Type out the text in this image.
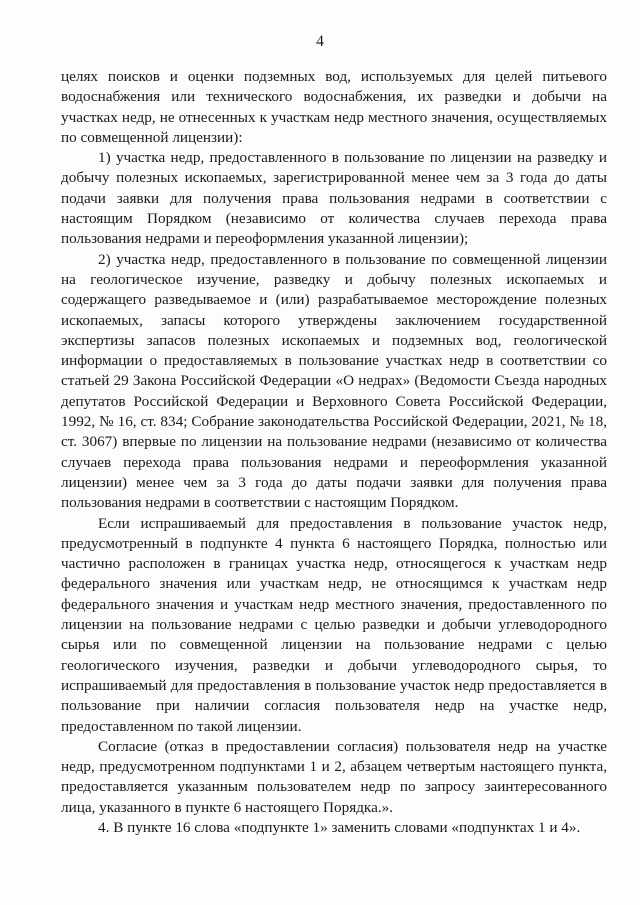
4

целях поисков и оценки подземных вод, используемых для целей питьевого водоснабжения или технического водоснабжения, их разведки и добычи на участках недр, не отнесенных к участкам недр местного значения, осуществляемых по совмещенной лицензии):

1) участка недр, предоставленного в пользование по лицензии на разведку и добычу полезных ископаемых, зарегистрированной менее чем за 3 года до даты подачи заявки для получения права пользования недрами в соответствии с настоящим Порядком (независимо от количества случаев перехода права пользования недрами и переоформления указанной лицензии);

2) участка недр, предоставленного в пользование по совмещенной лицензии на геологическое изучение, разведку и добычу полезных ископаемых и содержащего разведываемое и (или) разрабатываемое месторождение полезных ископаемых, запасы которого утверждены заключением государственной экспертизы запасов полезных ископаемых и подземных вод, геологической информации о предоставляемых в пользование участках недр в соответствии со статьей 29 Закона Российской Федерации «О недрах» (Ведомости Съезда народных депутатов Российской Федерации и Верховного Совета Российской Федерации, 1992, № 16, ст. 834; Собрание законодательства Российской Федерации, 2021, № 18, ст. 3067) впервые по лицензии на пользование недрами (независимо от количества случаев перехода права пользования недрами и переоформления указанной лицензии) менее чем за 3 года до даты подачи заявки для получения права пользования недрами в соответствии с настоящим Порядком.

Если испрашиваемый для предоставления в пользование участок недр, предусмотренный в подпункте 4 пункта 6 настоящего Порядка, полностью или частично расположен в границах участка недр, относящегося к участкам недр федерального значения или участкам недр, не относящимся к участкам недр федерального значения и участкам недр местного значения, предоставленного по лицензии на пользование недрами с целью разведки и добычи углеводородного сырья или по совмещенной лицензии на пользование недрами с целью геологического изучения, разведки и добычи углеводородного сырья, то испрашиваемый для предоставления в пользование участок недр предоставляется в пользование при наличии согласия пользователя недр на участке недр, предоставленном по такой лицензии.

Согласие (отказ в предоставлении согласия) пользователя недр на участке недр, предусмотренном подпунктами 1 и 2, абзацем четвертым настоящего пункта, предоставляется указанным пользователем недр по запросу заинтересованного лица, указанного в пункте 6 настоящего Порядка.».

4. В пункте 16 слова «подпункте 1» заменить словами «подпунктах 1 и 4».
